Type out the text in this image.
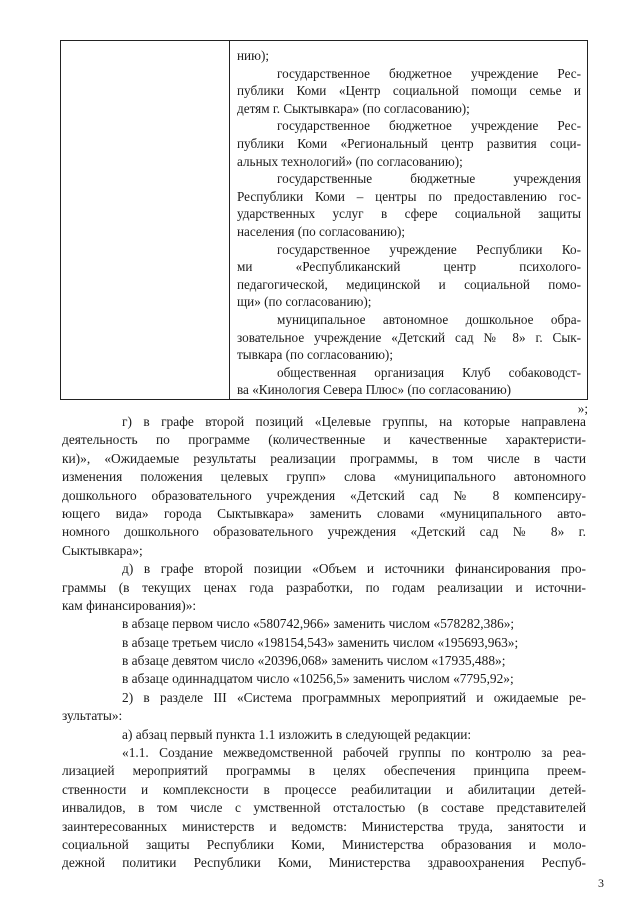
нию);
государственное бюджетное учреждение Рес-
публики Коми «Центр социальной помощи семье и
детям г. Сыктывкара» (по согласованию);
государственное бюджетное учреждение Рес-
публики Коми «Региональный центр развития соци-
альных технологий» (по согласованию);
государственные бюджетные учреждения
Республики Коми – центры по предоставлению гос-
ударственных услуг в сфере социальной защиты
населения (по согласованию);
государственное учреждение Республики Ко-
ми «Республиканский центр психолого-
педагогической, медицинской и социальной помо-
щи» (по согласованию);
муниципальное автономное дошкольное обра-
зовательное учреждение «Детский сад № 8» г. Сык-
тывкара (по согласованию);
общественная организация Клуб собаководст-
ва «Кинология Севера Плюс» (по согласованию)
»;
г) в графе второй позиций «Целевые группы, на которые направлена
деятельность по программе (количественные и качественные характеристи-
ки)», «Ожидаемые результаты реализации программы, в том числе в части
изменения положения целевых групп» слова «муниципального автономного
дошкольного образовательного учреждения «Детский сад № 8 компенсиру-
ющего вида» города Сыктывкара» заменить словами «муниципального авто-
номного дошкольного образовательного учреждения «Детский сад № 8» г.
Сыктывкара»;
д) в графе второй позиции «Объем и источники финансирования про-
граммы (в текущих ценах года разработки, по годам реализации и источни-
кам финансирования)»:
в абзаце первом число «580742,966» заменить числом «578282,386»;
в абзаце третьем число «198154,543» заменить числом «195693,963»;
в абзаце девятом число «20396,068» заменить числом «17935,488»;
в абзаце одиннадцатом число «10256,5» заменить числом «7795,92»;
2) в разделе III «Система программных мероприятий и ожидаемые ре-
зультаты»:
а) абзац первый пункта 1.1 изложить в следующей редакции:
«1.1. Создание межведомственной рабочей группы по контролю за реа-
лизацией мероприятий программы в целях обеспечения принципа преем-
ственности и комплексности в процессе реабилитации и абилитации детей-
инвалидов, в том числе с умственной отсталостью (в составе представителей
заинтересованных министерств и ведомств: Министерства труда, занятости и
социальной защиты Республики Коми, Министерства образования и моло-
дежной политики Республики Коми, Министерства здравоохранения Респуб-
3
